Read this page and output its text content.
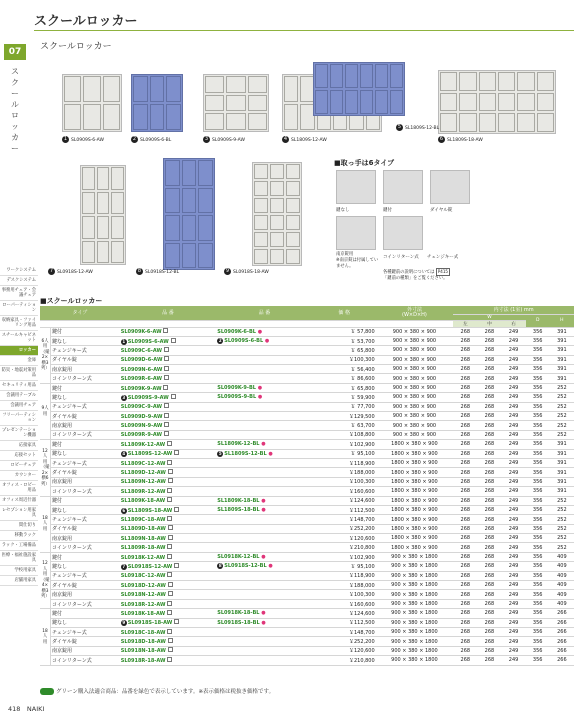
スクールロッカー
スクールロッカー
07
スクールロッカー
1 SL0909S-6-AW	2 SL0909S-6-BL	3 SL0909S-9-AW	4 SL1809S-12-AW
5 SL1809S-12-BL
6 SL1809S-18-AW
7 SL0918S-12-AW	8 SL0918S-12-BL	9 SL0918S-18-AW
■取っ手は6タイプ
鍵なし	鍵付	ダイヤル錠
コインリターン式 チェンジキー式
南京錠用
※南京錠は付属していません。
各種鍵前の説明については P415
「鍵前の種類」をご覧ください。
ワークシステム
デスクシステム
事務用チェア・会議チェア
ローパーティション
収納家具・ファイリング用品
スチールキャビネット
ロッカー
金庫
防災・地震対策用品
セキュリティ用品
会議用テーブル
会議用チェア
フリーパーティション
プレゼンテーション機器
応接家具
応接セット
ロビーチェア
カウンター
オフィス・ロビー用品
オフィス周辺什器
レセプション用家具
間仕切り
移動ラック
ラック・工場備品
医療・福祉施設家具
学校用家具
店舗用家具
■スクールロッカー
タイプ		品 番	品 番	価 格	外寸法
(W×D×H)	内寸法 (1室) mm				
						W			D	H
						左	中	右		
6人用（縦2×横3列）	鍵付	SL0909K-6-AW	SL0909K-6-BL ●	￥ 57,800	900 × 380 × 900	268	268	249	356	391
	鍵なし	1 SL0909S-6-AW	2 SL0909S-6-BL ●	￥ 53,700	900 × 380 × 900	268	268	249	356	391
	チェンジキー式	SL0909C-6-AW		￥ 65,800	900 × 380 × 900	268	268	249	356	391
	ダイヤル錠	SL0909D-6-AW		￥100,300	900 × 380 × 900	268	268	249	356	391
	南京錠用	SL0909N-6-AW		￥ 56,400	900 × 380 × 900	268	268	249	356	391
	コインリターン式	SL0909R-6-AW		￥ 86,600	900 × 380 × 900	268	268	249	356	391
9人用	鍵付	SL0909K-9-AW	SL0909K-9-BL ●	￥ 65,800	900 × 380 × 900	268	268	249	356	252
	鍵なし	3 SL0909S-9-AW	SL0909S-9-BL ●	￥ 59,900	900 × 380 × 900	268	268	249	356	252
	チェンジキー式	SL0909C-9-AW		￥ 77,700	900 × 380 × 900	268	268	249	356	252
	ダイヤル錠	SL0909D-9-AW		￥129,500	900 × 380 × 900	268	268	249	356	252
	南京錠用	SL0909N-9-AW		￥ 63,700	900 × 380 × 900	268	268	249	356	252
	コインリターン式	SL0909R-9-AW		￥108,800	900 × 380 × 900	268	268	249	356	252
12人用（縦2×横6列）	鍵付	SL1809K-12-AW	SL1809K-12-BL ●	￥102,900	1800 × 380 × 900	268	268	249	356	391
	鍵なし	4 SL1809S-12-AW	5 SL1809S-12-BL ●	￥ 95,100	1800 × 380 × 900	268	268	249	356	391
	チェンジキー式	SL1809C-12-AW		￥118,900	1800 × 380 × 900	268	268	249	356	391
	ダイヤル錠	SL1809D-12-AW		￥188,000	1800 × 380 × 900	268	268	249	356	391
	南京錠用	SL1809N-12-AW		￥100,300	1800 × 380 × 900	268	268	249	356	391
	コインリターン式	SL1809R-12-AW		￥160,600	1800 × 380 × 900	268	268	249	356	391
18人用	鍵付	SL1809K-18-AW	SL1809K-18-BL ●	￥124,600	1800 × 380 × 900	268	268	249	356	252
	鍵なし	6 SL1809S-18-AW	SL1809S-18-BL ●	￥112,500	1800 × 380 × 900	268	268	249	356	252
	チェンジキー式	SL1809C-18-AW		￥148,700	1800 × 380 × 900	268	268	249	356	252
	ダイヤル錠	SL1809D-18-AW		￥252,200	1800 × 380 × 900	268	268	249	356	252
	南京錠用	SL1809N-18-AW		￥120,600	1800 × 380 × 900	268	268	249	356	252
	コインリターン式	SL1809R-18-AW		￥210,800	1800 × 380 × 900	268	268	249	356	252
12人用（縦4×横3列）	鍵付	SL0918K-12-AW	SL0918K-12-BL ●	￥102,900	900 × 380 × 1800	268	268	249	356	409
	鍵なし	7 SL0918S-12-AW	8 SL0918S-12-BL ●	￥ 95,100	900 × 380 × 1800	268	268	249	356	409
	チェンジキー式	SL0918C-12-AW		￥118,900	900 × 380 × 1800	268	268	249	356	409
	ダイヤル錠	SL0918D-12-AW		￥188,000	900 × 380 × 1800	268	268	249	356	409
	南京錠用	SL0918N-12-AW		￥100,300	900 × 380 × 1800	268	268	249	356	409
	コインリターン式	SL0918R-12-AW		￥160,600	900 × 380 × 1800	268	268	249	356	409
18人用	鍵付	SL0918K-18-AW	SL0918K-18-BL ●	￥124,600	900 × 380 × 1800	268	268	249	356	266
	鍵なし	9 SL0918S-18-AW	SL0918S-18-BL ●	￥112,500	900 × 380 × 1800	268	268	249	356	266
	チェンジキー式	SL0918C-18-AW		￥148,700	900 × 380 × 1800	268	268	249	356	266
	ダイヤル錠	SL0918D-18-AW		￥252,200	900 × 380 × 1800	268	268	249	356	266
	南京錠用	SL0918N-18-AW		￥120,600	900 × 380 × 1800	268	268	249	356	266
	コインリターン式	SL0918R-18-AW		￥210,800	900 × 380 × 1800	268	268	249	356	266
グリーン購入法適合商品：品番を緑色で表示しています。※表示価格は税抜き価格です。
418　 NAIKI
